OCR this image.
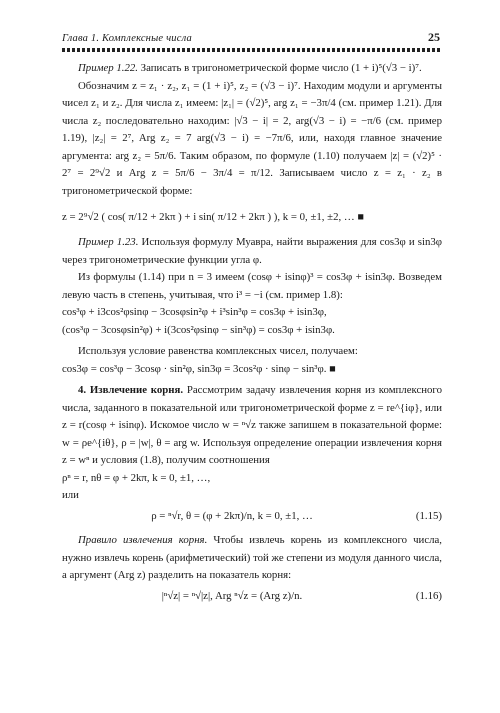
Глава 1. Комплексные числа	25

Пример 1.22. Записать в тригонометрической форме число (1 + i)⁵(√3 − i)⁷.

Обозначим z = z₁ · z₂, z₁ = (1 + i)⁵, z₂ = (√3 − i)⁷. Находим модули и аргументы чисел z₁ и z₂. Для числа z₁ имеем: |z₁| = (√2)⁵, arg z₁ = −3π/4 (см. пример 1.21). Для числа z₂ последовательно находим: |√3 − i| = 2, arg(√3 − i) = −π/6 (см. пример 1.19), |z₂| = 2⁷, Arg z₂ = 7 arg(√3 − i) = −7π/6, или, находя главное значение аргумента: arg z₂ = 5π/6. Таким образом, по формуле (1.10) получаем |z| = (√2)⁵ · 2⁷ = 2⁹√2 и Arg z = 5π/6 − 3π/4 = π/12. Записываем число z = z₁ · z₂ в тригонометрической форме:

z = 2⁹√2 ( cos( π/12 + 2kπ ) + i sin( π/12 + 2kπ ) ), k = 0, ±1, ±2, … ■

Пример 1.23. Используя формулу Муавра, найти выражения для cos3φ и sin3φ через тригонометрические функции угла φ.

Из формулы (1.14) при n = 3 имеем (cosφ + isinφ)³ = cos3φ + isin3φ. Возведем левую часть в степень, учитывая, что i³ = −i (см. пример 1.8):

cos³φ + i3cos²φsinφ − 3cosφsin²φ + i³sin³φ = cos3φ + isin3φ,

(cos³φ − 3cosφsin²φ) + i(3cos²φsinφ − sin³φ) = cos3φ + isin3φ.

Используя условие равенства комплексных чисел, получаем:

cos3φ = cos³φ − 3cosφ · sin²φ, sin3φ = 3cos²φ · sinφ − sin³φ. ■

4. Извлечение корня. Рассмотрим задачу извлечения корня из комплексного числа, заданного в показательной или тригонометрической форме z = re^{iφ}, или z = r(cosφ + isinφ). Искомое число w = ⁿ√z также запишем в показательной форме: w = ρe^{iθ}, ρ = |w|, θ = arg w. Используя определение операции извлечения корня z = wⁿ и условия (1.8), получим соотношения

ρⁿ = r, nθ = φ + 2kπ, k = 0, ±1, …,

или

ρ = ⁿ√r, θ = (φ + 2kπ)/n, k = 0, ±1, …	(1.15)

Правило извлечения корня. Чтобы извлечь корень из комплексного числа, нужно извлечь корень (арифметический) той же степени из модуля данного числа, а аргумент (Arg z) разделить на показатель корня:

|ⁿ√z| = ⁿ√|z|, Arg ⁿ√z = (Arg z)/n.	(1.16)
